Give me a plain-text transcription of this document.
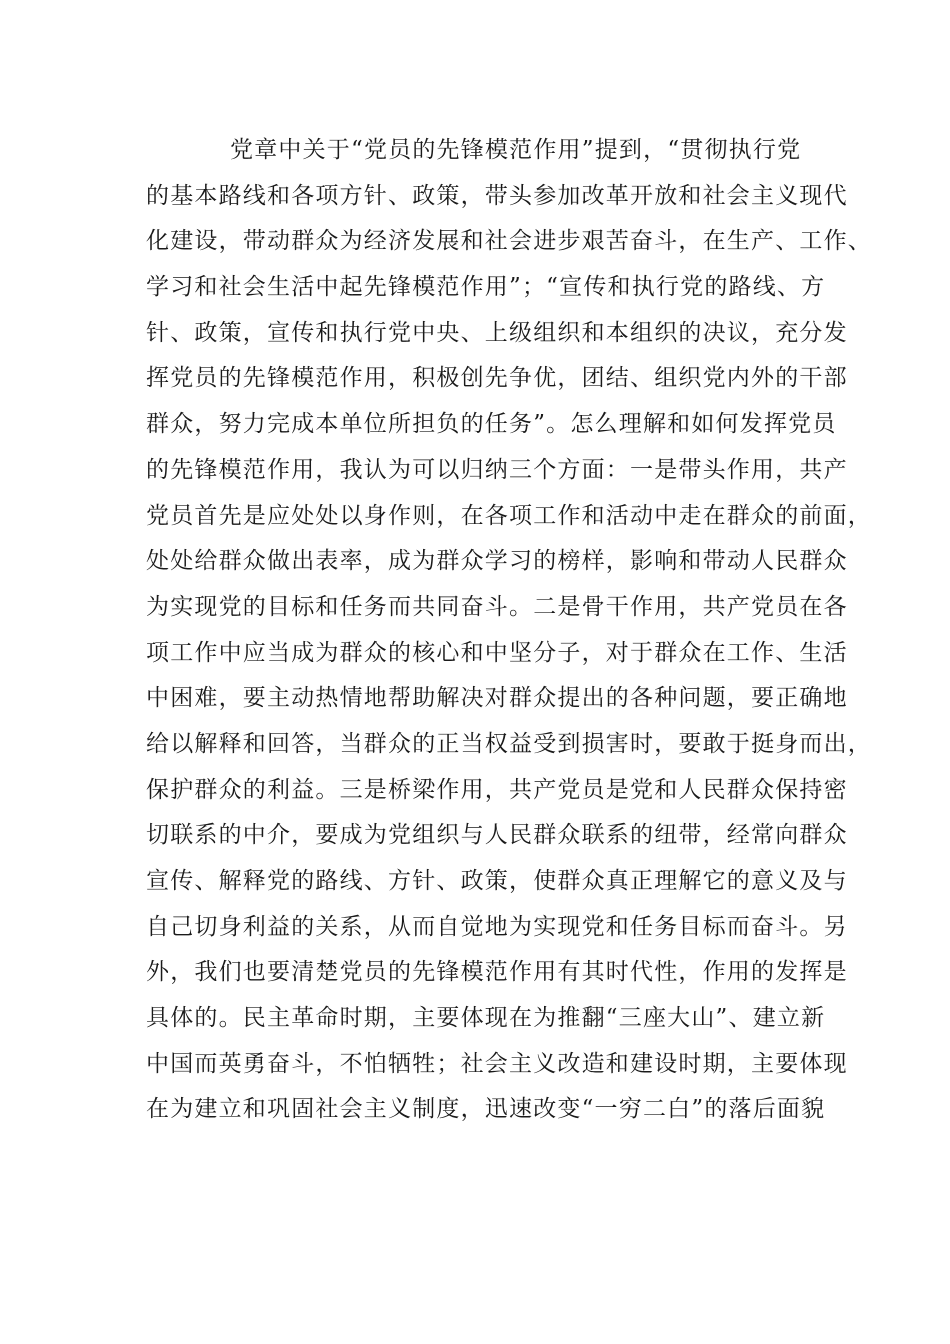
党章中关于“党员的先锋模范作用”提到，“贯彻执行党
的基本路线和各项方针、政策，带头参加改革开放和社会主义现代
化建设，带动群众为经济发展和社会进步艰苦奋斗，在生产、工作、
学习和社会生活中起先锋模范作用”；“宣传和执行党的路线、方
针、政策，宣传和执行党中央、上级组织和本组织的决议，充分发
挥党员的先锋模范作用，积极创先争优，团结、组织党内外的干部
群众，努力完成本单位所担负的任务”。怎么理解和如何发挥党员
的先锋模范作用，我认为可以归纳三个方面：一是带头作用，共产
党员首先是应处处以身作则，在各项工作和活动中走在群众的前面，
处处给群众做出表率，成为群众学习的榜样，影响和带动人民群众
为实现党的目标和任务而共同奋斗。二是骨干作用，共产党员在各
项工作中应当成为群众的核心和中坚分子，对于群众在工作、生活
中困难，要主动热情地帮助解决对群众提出的各种问题，要正确地
给以解释和回答，当群众的正当权益受到损害时，要敢于挺身而出，
保护群众的利益。三是桥梁作用，共产党员是党和人民群众保持密
切联系的中介，要成为党组织与人民群众联系的纽带，经常向群众
宣传、解释党的路线、方针、政策，使群众真正理解它的意义及与
自己切身利益的关系，从而自觉地为实现党和任务目标而奋斗。另
外，我们也要清楚党员的先锋模范作用有其时代性，作用的发挥是
具体的。民主革命时期，主要体现在为推翻“三座大山”、建立新
中国而英勇奋斗，不怕牺牲；社会主义改造和建设时期，主要体现
在为建立和巩固社会主义制度，迅速改变“一穷二白”的落后面貌
